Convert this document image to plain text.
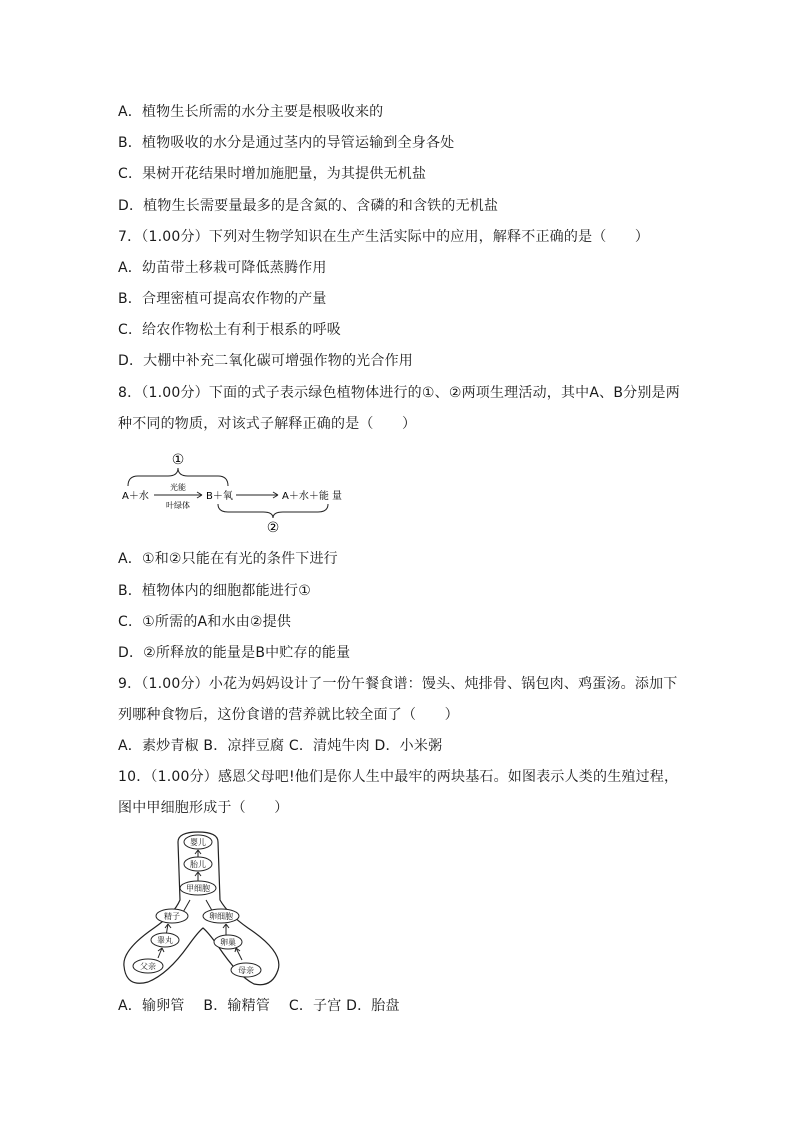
A．植物生长所需的水分主要是根吸收来的
B．植物吸收的水分是通过茎内的导管运输到全身各处
C．果树开花结果时增加施肥量，为其提供无机盐
D．植物生长需要量最多的是含氮的、含磷的和含铁的无机盐
7．（1.00分）下列对生物学知识在生产生活实际中的应用，解释不正确的是（　　）
A．幼苗带土移栽可降低蒸腾作用
B．合理密植可提高农作物的产量
C．给农作物松土有利于根系的呼吸
D．大棚中补充二氧化碳可增强作物的光合作用
8．（1.00分）下面的式子表示绿色植物体进行的①、②两项生理活动，其中A、B分别是两
种不同的物质，对该式子解释正确的是（　　）
①
A＋水
光能
叶绿体
B＋氧	A＋水＋能 量
②
A．①和②只能在有光的条件下进行
B．植物体内的细胞都能进行①
C．①所需的A和水由②提供
D．②所释放的能量是B中贮存的能量
9．（1.00分）小花为妈妈设计了一份午餐食谱：馒头、炖排骨、锅包肉、鸡蛋汤。添加下
列哪种食物后，这份食谱的营养就比较全面了（　　）
A．素炒青椒 B．凉拌豆腐 C．清炖牛肉 D．小米粥
10．（1.00分）感恩父母吧!他们是你人生中最牢的两块基石。如图表示人类的生殖过程，
图中甲细胞形成于（　　）
婴儿
胎儿
甲细胞
精子	卵细胞
睾丸	卵巢
父亲	母亲
A．输卵管　 B．输精管　 C．子宫 D．胎盘
